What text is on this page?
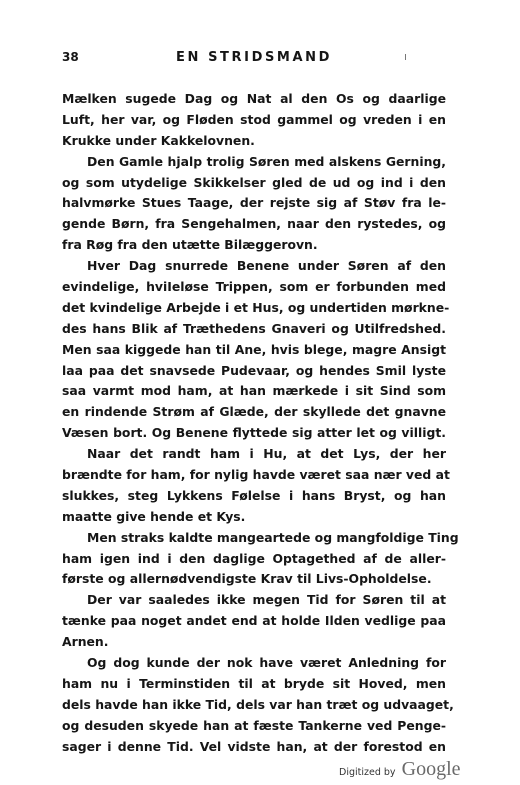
38	EN STRIDSMAND

Mælken sugede Dag og Nat al den Os og daarlige
Luft, her var, og Fløden stod gammel og vreden i en
Krukke under Kakkelovnen.

Den Gamle hjalp trolig Søren med alskens Gerning,
og som utydelige Skikkelser gled de ud og ind i den
halvmørke Stues Taage, der rejste sig af Støv fra le-
gende Børn, fra Sengehalmen, naar den rystedes, og
fra Røg fra den utætte Bilæggerovn.

Hver Dag snurrede Benene under Søren af den
evindelige, hviIeløse Trippen, som er forbunden med
det kvindelige Arbejde i et Hus, og undertiden mørkne-
des hans Blik af Træthedens Gnaveri og Utilfredshed.
Men saa kiggede han til Ane, hvis blege, magre Ansigt
laa paa det snavsede Pudevaar, og hendes Smil lyste
saa varmt mod ham, at han mærkede i sit Sind som
en rindende Strøm af Glæde, der skyllede det gnavne
Væsen bort. Og Benene flyttede sig atter let og villigt.

Naar det randt ham i Hu, at det Lys, der her
brændte for ham, for nylig havde været saa nær ved at
slukkes, steg Lykkens Følelse i hans Bryst, og han
maatte give hende et Kys.

Men straks kaldte mangeartede og mangfoldige Ting
ham igen ind i den daglige Optagethed af de aller-
første og allernødvendigste Krav til Livs-Opholdelse.

Der var saaledes ikke megen Tid for Søren til at
tænke paa noget andet end at holde Ilden vedlige paa
Arnen.

Og dog kunde der nok have været Anledning for
ham nu i Terminstiden til at bryde sit Hoved, men
dels havde han ikke Tid, dels var han træt og udvaaget,
og desuden skyede han at fæste Tankerne ved Penge-
sager i denne Tid. Vel vidste han, at der forestod en

Digitized by Google
